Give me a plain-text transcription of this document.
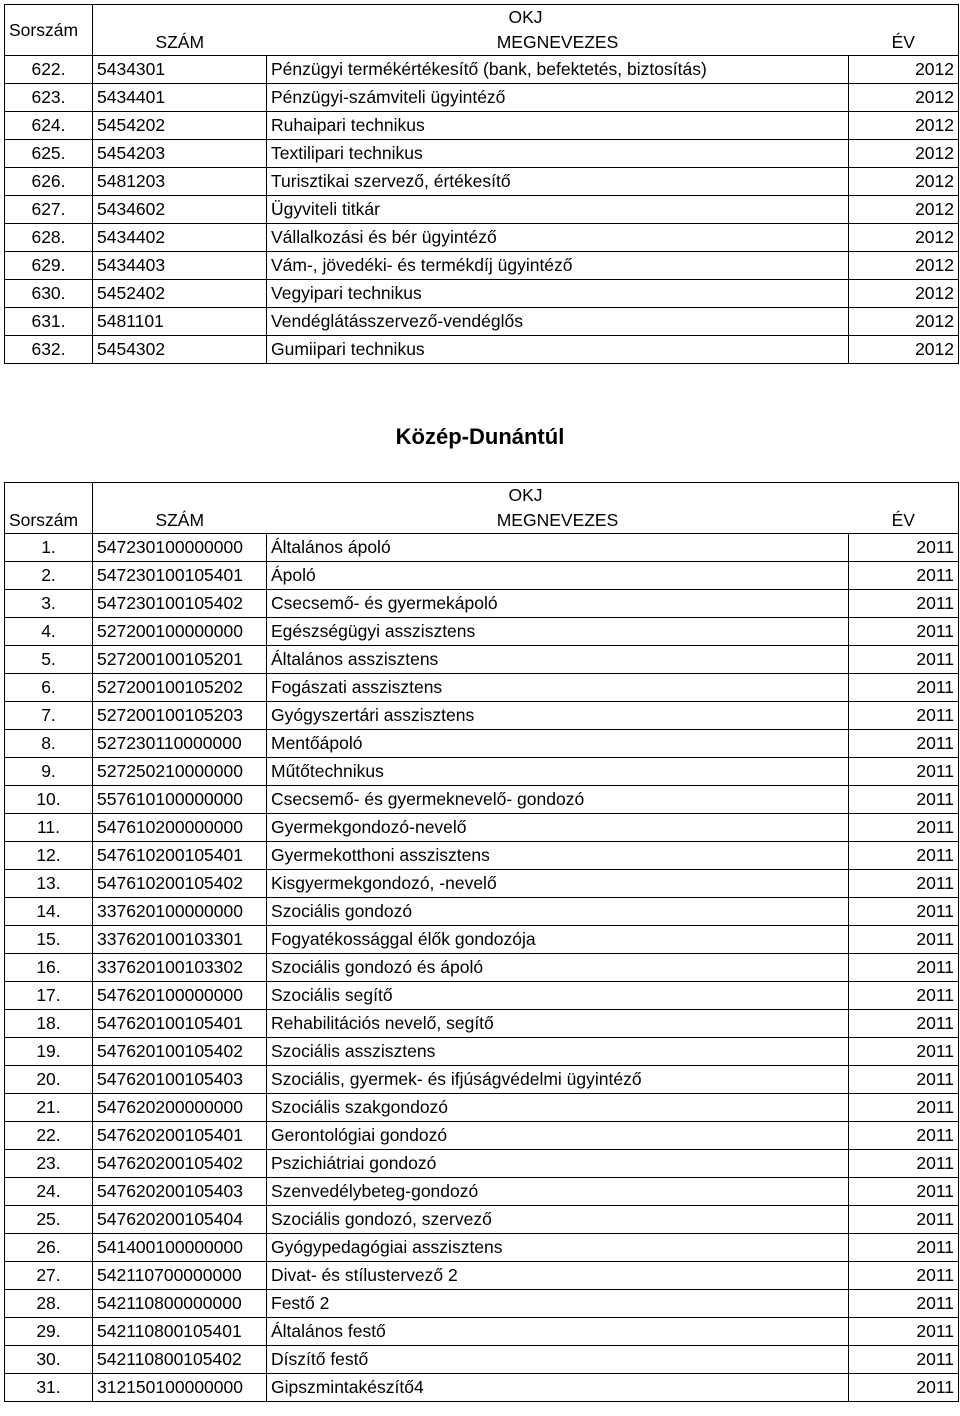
Sorszám	OKJ		
	SZÁM	MEGNEVEZES	ÉV
622.	5434301	Pénzügyi termékértékesítő (bank, befektetés, biztosítás)	2012
623.	5434401	Pénzügyi-számviteli ügyintéző	2012
624.	5454202	Ruhaipari technikus	2012
625.	5454203	Textilipari technikus	2012
626.	5481203	Turisztikai szervező, értékesítő	2012
627.	5434602	Ügyviteli titkár	2012
628.	5434402	Vállalkozási és bér ügyintéző	2012
629.	5434403	Vám-, jövedéki- és termékdíj ügyintéző	2012
630.	5452402	Vegyipari technikus	2012
631.	5481101	Vendéglátásszervező-vendéglős	2012
632.	5454302	Gumiipari technikus	2012
Közép-Dunántúl
	OKJ		
Sorszám	SZÁM	MEGNEVEZES	ÉV
1.	547230100000000	Általános ápoló	2011
2.	547230100105401	Ápoló	2011
3.	547230100105402	Csecsemő- és gyermekápoló	2011
4.	527200100000000	Egészségügyi asszisztens	2011
5.	527200100105201	Általános asszisztens	2011
6.	527200100105202	Fogászati asszisztens	2011
7.	527200100105203	Gyógyszertári asszisztens	2011
8.	527230110000000	Mentőápoló	2011
9.	527250210000000	Műtőtechnikus	2011
10.	557610100000000	Csecsemő- és gyermeknevelő- gondozó	2011
11.	547610200000000	Gyermekgondozó-nevelő	2011
12.	547610200105401	Gyermekotthoni asszisztens	2011
13.	547610200105402	Kisgyermekgondozó, -nevelő	2011
14.	337620100000000	Szociális gondozó	2011
15.	337620100103301	Fogyatékossággal élők gondozója	2011
16.	337620100103302	Szociális gondozó és ápoló	2011
17.	547620100000000	Szociális segítő	2011
18.	547620100105401	Rehabilitációs nevelő, segítő	2011
19.	547620100105402	Szociális asszisztens	2011
20.	547620100105403	Szociális, gyermek- és ifjúságvédelmi ügyintéző	2011
21.	547620200000000	Szociális szakgondozó	2011
22.	547620200105401	Gerontológiai gondozó	2011
23.	547620200105402	Pszichiátriai gondozó	2011
24.	547620200105403	Szenvedélybeteg-gondozó	2011
25.	547620200105404	Szociális gondozó, szervező	2011
26.	541400100000000	Gyógypedagógiai asszisztens	2011
27.	542110700000000	Divat- és stílustervező 2	2011
28.	542110800000000	Festő 2	2011
29.	542110800105401	Általános festő	2011
30.	542110800105402	Díszítő festő	2011
31.	312150100000000	Gipszmintakészítő4	2011
